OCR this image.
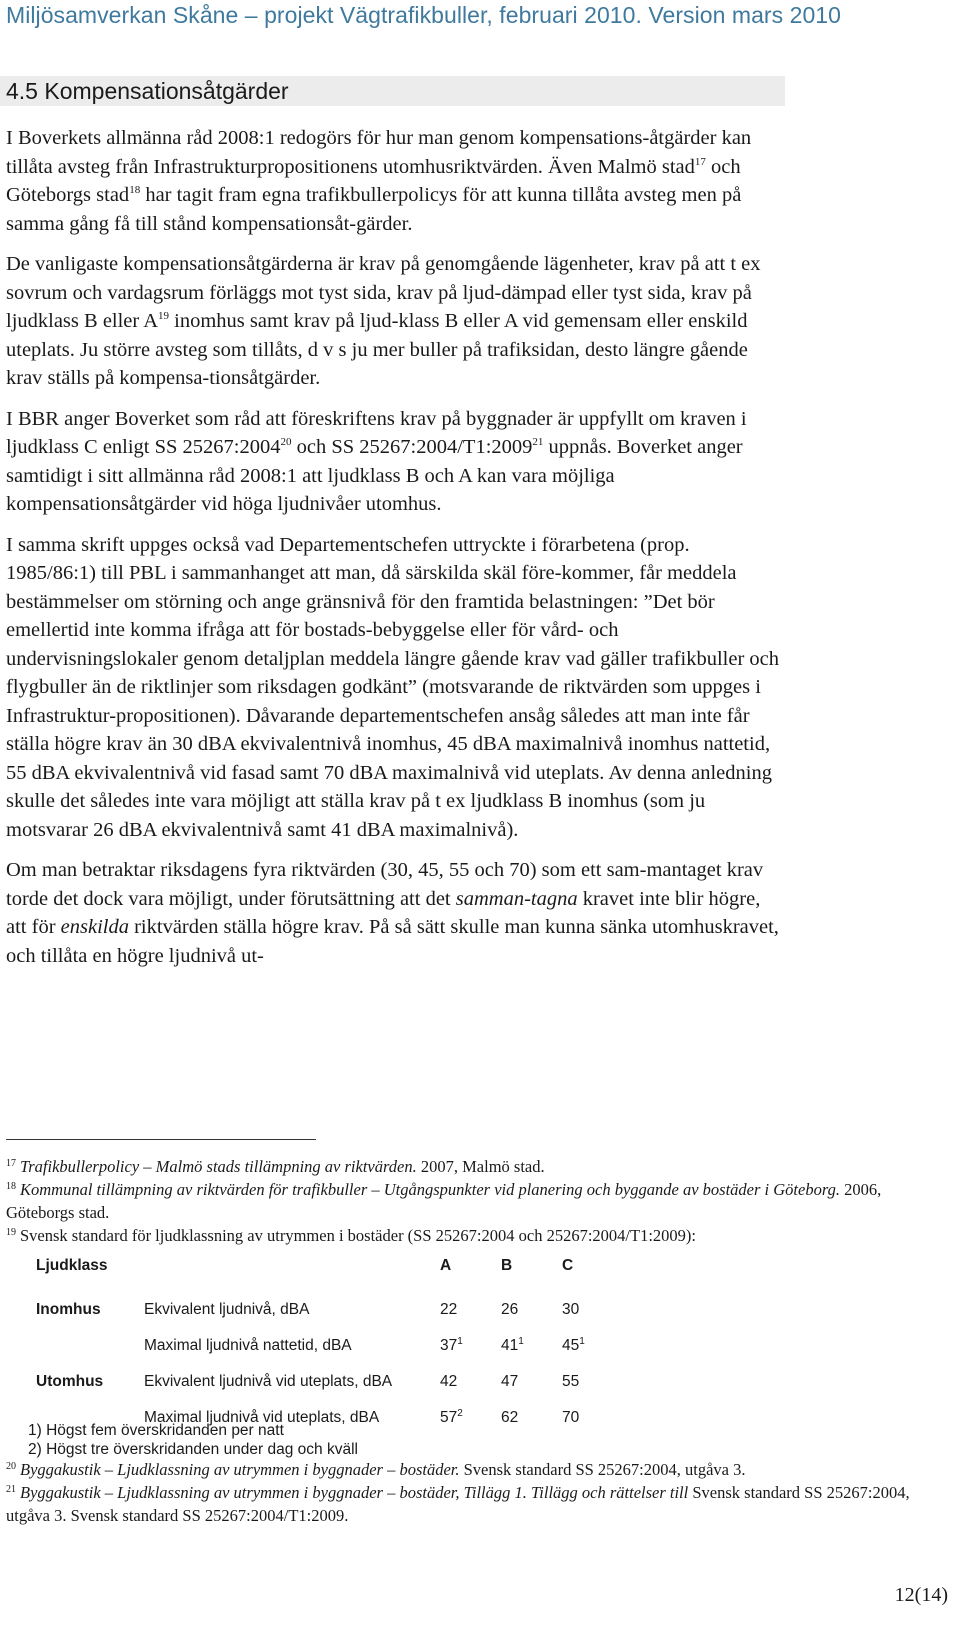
Miljösamverkan Skåne – projekt Vägtrafikbuller, februari 2010. Version mars 2010
4.5 Kompensationsåtgärder

I Boverkets allmänna råd 2008:1 redogörs för hur man genom kompensations-åtgärder kan tillåta avsteg från Infrastrukturpropositionens utomhusriktvärden. Även Malmö stad$^{17}$ och Göteborgs stad$^{18}$ har tagit fram egna trafikbullerpolicys för att kunna tillåta avsteg men på samma gång få till stånd kompensationsåt-gärder.

De vanligaste kompensationsåtgärderna är krav på genomgående lägenheter, krav på att t ex sovrum och vardagsrum förläggs mot tyst sida, krav på ljud-dämpad eller tyst sida, krav på ljudklass B eller $A^{19}$ inomhus samt krav på ljud-klass B eller A vid gemensam eller enskild uteplats. Ju större avsteg som tillåts, d v s ju mer buller på trafiksidan, desto längre gående krav ställs på kompensa-tionsåtgärder.

I BBR anger Boverket som råd att föreskriftens krav på byggnader är uppfyllt om kraven i ljudklass C enligt SS 25267:2004$^{20}$ och SS 25267:2004/T1:2009$^{21}$ uppnås. Boverket anger samtidigt i sitt allmänna råd 2008:1 att ljudklass B och A kan vara möjliga kompensationsåtgärder vid höga ljudnivåer utomhus.

I samma skrift uppges också vad Departementschefen uttryckte i förarbetena (prop. 1985/86:1) till PBL i sammanhanget att man, då särskilda skäl före-kommer, får meddela bestämmelser om störning och ange gränsnivå för den framtida belastningen: ”Det bör emellertid inte komma ifråga att för bostads-bebyggelse eller för vård- och undervisningslokaler genom detaljplan meddela längre gående krav vad gäller trafikbuller och flygbuller än de riktlinjer som riksdagen godkänt” (motsvarande de riktvärden som uppges i Infrastruktur-propositionen). Dåvarande departementschefen ansåg således att man inte får ställa högre krav än 30 dBA ekvivalentnivå inomhus, 45 dBA maximalnivå inomhus nattetid, 55 dBA ekvivalentnivå vid fasad samt 70 dBA maximalnivå vid uteplats. Av denna anledning skulle det således inte vara möjligt att ställa krav på t ex ljudklass B inomhus (som ju motsvarar 26 dBA ekvivalentnivå samt 41 dBA maximalnivå).

Om man betraktar riksdagens fyra riktvärden (30, 45, 55 och 70) som ett sam-mantaget krav torde det dock vara möjligt, under förutsättning att det samman-tagna kravet inte blir högre, att för enskilda riktvärden ställa högre krav. På så sätt skulle man kunna sänka utomhuskravet, och tillåta en högre ljudnivå ut-

$^{17}$ Trafikbullerpolicy – Malmö stads tillämpning av riktvärden. 2007, Malmö stad.

$^{18}$ Kommunal tillämpning av riktvärden för trafikbuller – Utgångspunkter vid planering och byggande av bostäder i Göteborg. 2006, Göteborgs stad.

$^{19}$ Svensk standard för ljudklassning av utrymmen i bostäder (SS 25267:2004 och 25267:2004/T1:2009):

Ljudklass		A	B	C

Inomhus	Ekvivalent ljudnivå, dBA	22	26	30
	Maximal ljudnivå nattetid, dBA	$37^1$	$41^1$	$45^1$
Utomhus	Ekvivalent ljudnivå vid uteplats, dBA	42	47	55
	Maximal ljudnivå vid uteplats, dBA	$57^2$	62	70
1) Högst fem överskridanden per natt
2) Högst tre överskridanden under dag och kväll

$^{20}$ Byggakustik – Ljudklassning av utrymmen i byggnader – bostäder. Svensk standard SS 25267:2004, utgåva 3.

$^{21}$ Byggakustik – Ljudklassning av utrymmen i byggnader – bostäder, Tillägg 1. Tillägg och rättelser till Svensk standard SS 25267:2004, utgåva 3. Svensk standard SS 25267:2004/T1:2009.

12(14)
